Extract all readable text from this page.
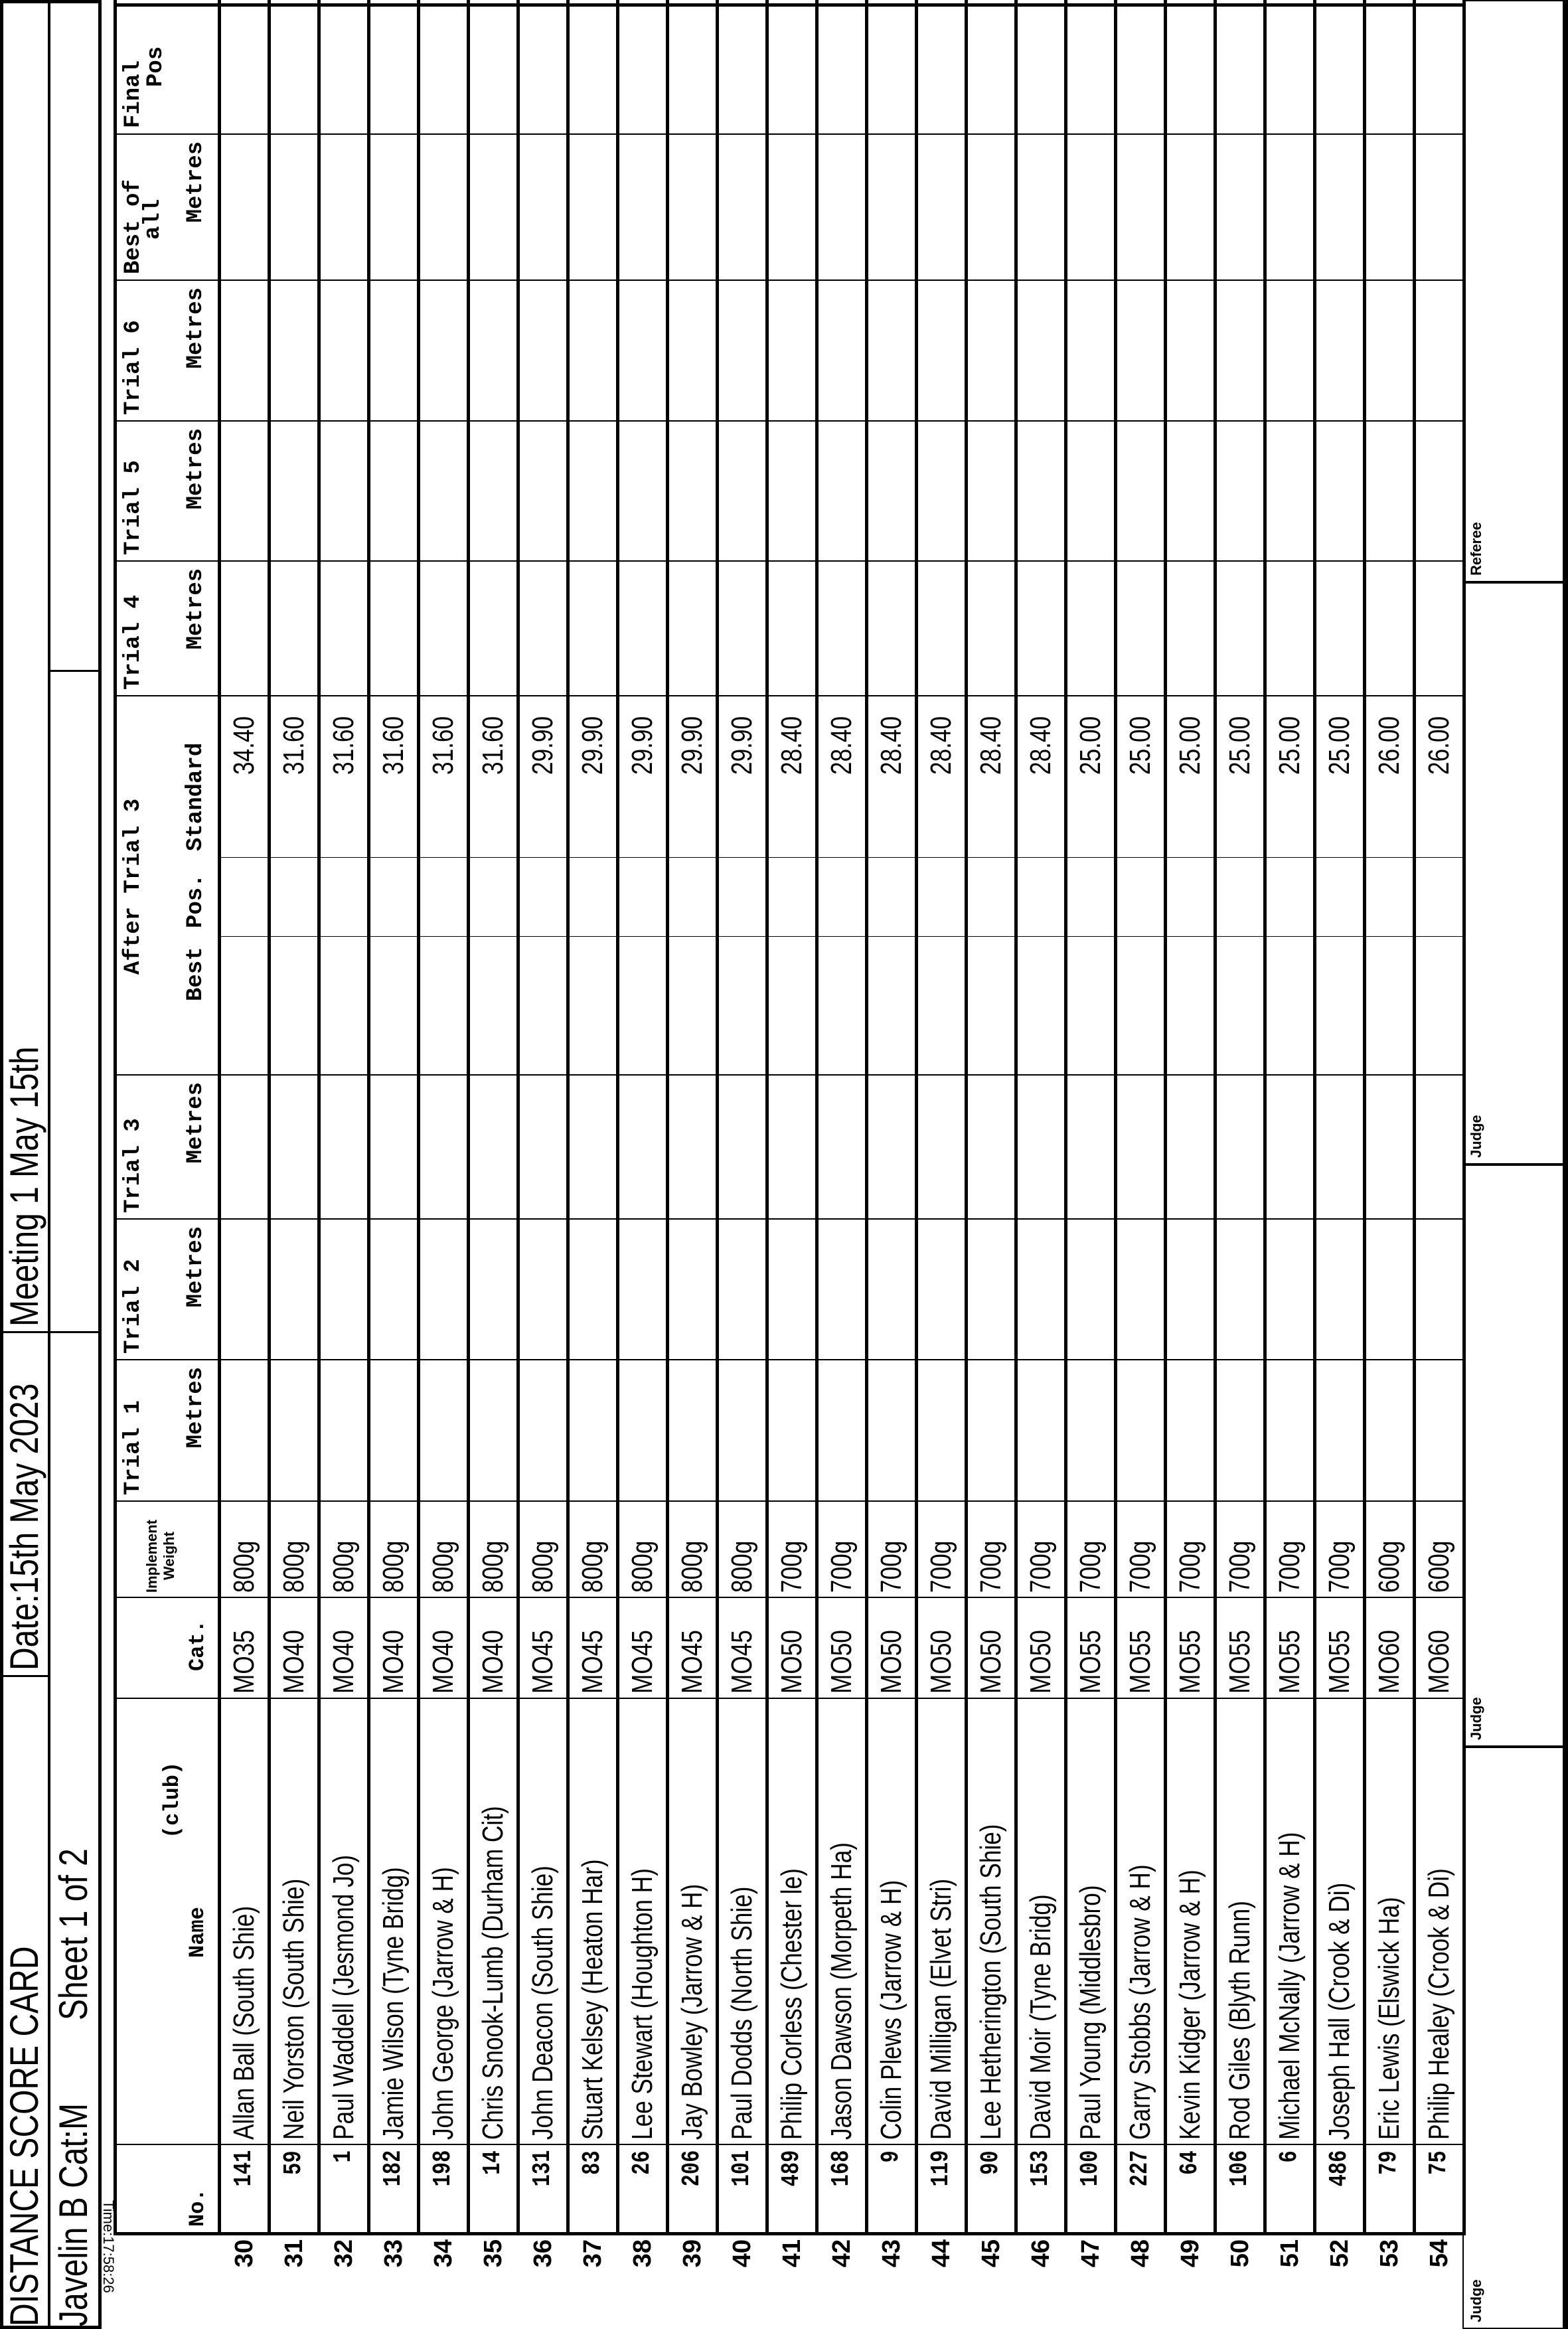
DISTANCE SCORE CARD
Date:15th May 2023
Meeting 1 May 15th
Javelin B Cat:M
Sheet 1 of 2
Time:17:58:26	No.
Name
(club)
Cat.
Implement Weight
Trial 1 Metres
Trial 2 Metres
Trial 3 Metres
After Trial 3 Best
Pos.
Standard
Trial 4 Metres
Trial 5 Metres
Trial 6 Metres
Best of
all Metres
Final
Pos
30
141
Allan Ball (South Shie)
MO35
800g
34.40
31
59
Neil Yorston (South Shie)
MO40
800g
31.60
32
1
Paul Waddell (Jesmond Jo)
MO40
800g
31.60
33
182
Jamie Wilson (Tyne Bridg)
MO40
800g
31.60
34
198
John George (Jarrow & H)
MO40
800g
31.60
35
14
Chris Snook-Lumb (Durham Cit)
MO40
800g
31.60
36
131
John Deacon (South Shie)
MO45
800g
29.90
37
83
Stuart Kelsey (Heaton Har)
MO45
800g
29.90
38
26
Lee Stewart (Houghton H)
MO45
800g
29.90
39
206
Jay Bowley (Jarrow & H)
MO45
800g
29.90
40
101
Paul Dodds (North Shie)
MO45
800g
29.90
41
489
Philip Corless (Chester le)
MO50
700g
28.40
42
168
Jason Dawson (Morpeth Ha)
MO50
700g
28.40
43
9
Colin Plews (Jarrow & H)
MO50
700g
28.40
44
119
David Milligan (Elvet Stri)
MO50
700g
28.40
45
90
Lee Hetherington (South Shie)
MO50
700g
28.40
46
153
David Moir (Tyne Bridg)
MO50
700g
28.40
47
100
Paul Young (Middlesbro)
MO55
700g
25.00
48
227
Garry Stobbs (Jarrow & H)
MO55
700g
25.00
49
64
Kevin Kidger (Jarrow & H)
MO55
700g
25.00
50
106
Rod Giles (Blyth Runn)
MO55
700g
25.00
51
6
Michael McNally (Jarrow & H)
MO55
700g
25.00
52
486
Joseph Hall (Crook & Di)
MO55
700g
25.00
53
79
Eric Lewis (Elswick Ha)
MO60
600g
26.00
54
75
Philip Healey (Crook & Di)
MO60
600g
26.00
Judge
Judge
Judge
Referee
